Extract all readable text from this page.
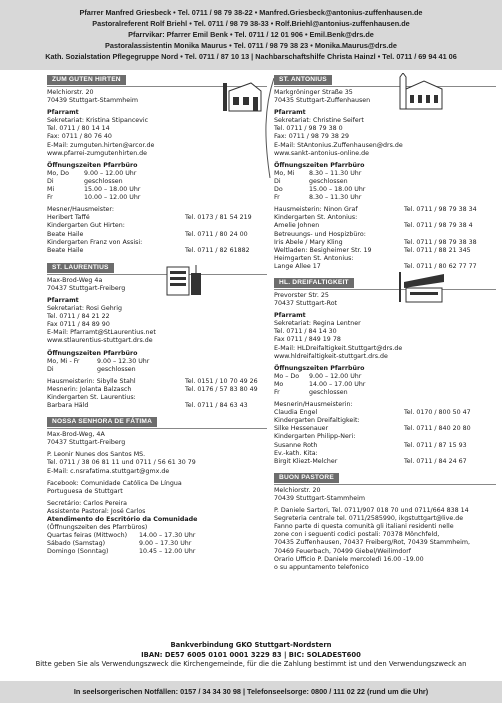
Pfarrer Manfred Griesbeck • Tel. 0711 / 98 79 38-22 • Manfred.Griesbeck@antonius-zuffenhausen.de
Pastoralreferent Rolf Briehl • Tel. 0711 / 98 79 38-33 • Rolf.Briehl@antonius-zuffenhausen.de
Pfarrvikar: Pfarrer Emil Benk • Tel. 0711 / 12 01 906 • Emil.Benk@drs.de
Pastoralassistentin Monika Maurus • Tel. 0711 / 98 79 38 23 • Monika.Maurus@drs.de
Kath. Sozialstation Pflegegruppe Nord • Tel. 0711 / 87 10 13 | Nachbarschaftshilfe Christa Hainzl • Tel. 0711 / 69 94 41 06
ZUM GUTEN HIRTEN
Melchiorstr. 20
70439 Stuttgart-Stammheim
Pfarramt
Sekretariat: Kristina Stipancevic
Tel. 0711 / 80 14 14
Fax: 0711 / 80 76 40
E-Mail: zumguten.hirten@arcor.de
www.pfarrei-zumgutenhirten.de
Öffnungszeiten Pfarrbüro
Mo, Do	9.00 – 12.00 Uhr
Di	geschlossen
Mi	15.00 – 18.00 Uhr
Fr	10.00 – 12.00 Uhr
Mesner/Hausmeister:
Heribert Taffé	Tel. 0173 / 81 54 219
Kindergarten Gut Hirten:
Beate Haile	Tel. 0711 / 80 24 00
Kindergarten Franz von Assisi:
Beate Haile	Tel. 0711 / 82 61882
ST. LAURENTIUS
Max-Brod-Weg 4a
70437 Stuttgart-Freiberg
Pfarramt
Sekretariat: Rosi Gehrig
Tel. 0711 / 84 21 22
Fax 0711 / 84 89 90
E-Mail: Pfarramt@StLaurentius.net
www.stlaurentius-stuttgart.drs.de
Öffnungszeiten Pfarrbüro
Mo, Mi - Fr	9.00 – 12.30 Uhr
Di	geschlossen
Hausmeisterin: Sibylle Stahl	Tel. 0151 / 10 70 49 26
Mesnerin: Jolanta Balzasch	Tel. 0176 / 57 83 80 49
Kindergarten St. Laurentius:
Barbara Häld	Tel. 0711 / 84 63 43
NOSSA SENHORA DE FÁTIMA
Max-Brod-Weg, 4A
70437 Stuttgart-Freiberg
P. Leonir Nunes dos Santos MS.
Tel. 0711 / 38 06 81 11 und 0711 / 56 61 30 79
E-Mail: c.nsrafatima.stuttgart@gmx.de
Facebook: Comunidade Católica De Língua
Portuguesa de Stuttgart
Secretário: Carlos Pereira
Assistente Pastoral: José Carlos
Atendimento do Escritório da Comunidade
(Öffnungszeiten des Pfarrbüros)
Quartas feiras (Mittwoch)	14.00 – 17.30 Uhr
Sábado (Samstag)	9.00 – 17.30 Uhr
Domingo (Sonntag)	10.45 – 12.00 Uhr
ST. ANTONIUS
Markgröninger Straße 35
70435 Stuttgart-Zuffenhausen
Pfarramt
Sekretariat: Christine Seifert
Tel. 0711 / 98 79 38 0
Fax: 0711 / 98 79 38 29
E-Mail: StAntonius.Zuffenhausen@drs.de
www.sankt-antonius-online.de
Öffnungszeiten Pfarrbüro
Mo, Mi	8.30 – 11.30 Uhr
Di	geschlossen
Do	15.00 – 18.00 Uhr
Fr	8.30 – 11.30 Uhr
Hausmeisterin: Ninon Graf	Tel. 0711 / 98 79 38 34
Kindergarten St. Antonius:
Amelie Johnen	Tel. 0711 / 98 79 38 4
Betreuungs- und Hospizbüro:
Iris Abele / Mary Kling	Tel. 0711 / 98 79 38 38
Weltladen: Besigheimer Str. 19	Tel. 0711 / 88 21 345
Heimgarten St. Antonius:
Lange Allee 17	Tel. 0711 / 80 62 77 77
HL. DREIFALTIGKEIT
Prevorster Str. 25
70437 Stuttgart-Rot
Pfarramt
Sekretariat: Regina Lentner
Tel. 0711 / 84 14 30
Fax 0711 / 849 19 78
E-Mail: HLDreifaltigkeit.Stuttgart@drs.de
www.hldreifaltigkeit-stuttgart.drs.de
Öffnungszeiten Pfarrbüro
Mo – Do	9.00 – 12.00 Uhr
Mo	14.00 – 17.00 Uhr
Fr	geschlossen
Mesnerin/Hausmeisterin:
Claudia Engel	Tel. 0170 / 800 50 47
Kindergarten Dreifaltigkeit:
Silke Hessenauer	Tel. 0711 / 840 20 80
Kindergarten Philipp-Neri:
Susanne Roth	Tel. 0711 / 87 15 93
Ev.-kath. Kita:
Birgit Kliezt-Melcher	Tel. 0711 / 84 24 67
BUON PASTORE
Melchiorstr. 20
70439 Stuttgart-Stammheim
P. Daniele Sartori, Tel. 0711/907 018 70 und 0711/664 838 14
Segreteria centrale tel. 0711/2585990, ikgstuttgart@live.de
Fanno parte di questa comunità gli italiani residenti nelle
zone con i seguenti codici postali: 70378 Mönchfeld,
70435 Zuffenhausen, 70437 Freiberg/Rot, 70439 Stammheim,
70469 Feuerbach, 70499 Giebel/Weilimdorf
Orario Ufficio P. Daniele mercoledì 16.00 -19.00
o su appuntamento telefonico
Bankverbindung GKO Stuttgart-Nordstern
IBAN: DE57 6005 0101 0001 3229 83 | BIC: SOLADEST600
Bitte geben Sie als Verwendungszweck die Kirchengemeinde, für die die Zahlung bestimmt ist und den Verwendungszweck an
In seelsorgerischen Notfällen: 0157 / 34 34 30 98 | Telefonseelsorge: 0800 / 111 02 22 (rund um die Uhr)
